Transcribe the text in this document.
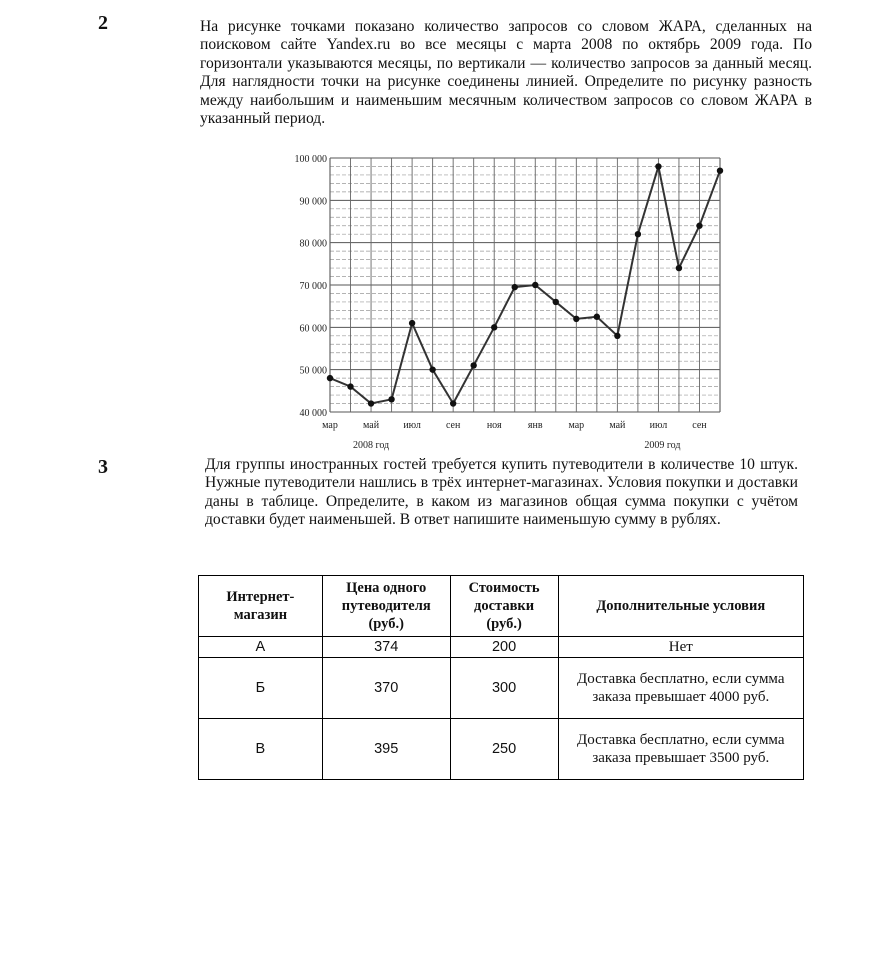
2	На рисунке точками показано количество запросов со словом ЖАРА, сделанных на поисковом сайте Yandex.ru во все месяцы с марта 2008 по октябрь 2009 года. По горизонтали указываются месяцы, по вертикали — количество запросов за данный месяц. Для наглядности точки на рисунке соединены линией. Определите по рисунку разность между наибольшим и наименьшим месячным количеством запросов со словом ЖАРА в указанный период.

40 000
50 000
60 000
70 000
80 000
90 000
100 000
мар	май июл	сен	ноя	янв	мар	май июл	сен
2008 год	2009 год
3	Для группы иностранных гостей требуется купить путеводители в количестве 10 штук. Нужные путеводители нашлись в трёх интернет-магазинах. Условия покупки и доставки даны в таблице. Определите, в каком из магазинов общая сумма покупки с учётом доставки будет наименьшей. В ответ напишите наименьшую сумму в рублях.

Интернет-магазин	Цена одного путеводителя (руб.)	Стоимость доставки (руб.)	Дополнительные условия
А	374	200	Нет
Б	370	300	Доставка бесплатно, если сумма заказа превышает 4000 руб.
В	395	250	Доставка бесплатно, если сумма заказа превышает 3500 руб.
